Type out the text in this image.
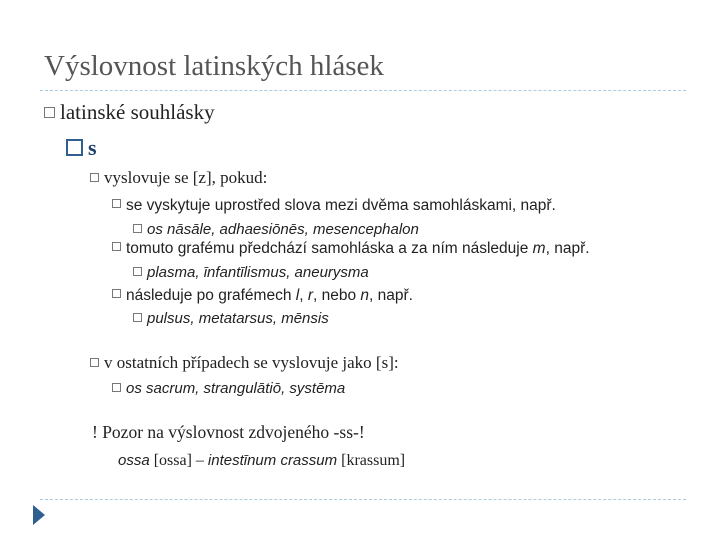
Výslovnost latinských hlásek
latinské souhlásky
s
vyslovuje se [z], pokud:
se vyskytuje uprostřed slova mezi dvěma samohláskami, např.
os nāsāle, adhaesiōnēs, mesencephalon
tomuto grafému předchází samohláska a za ním následuje m, např.
plasma, īnfantīlismus, aneurysma
následuje po grafémech l, r, nebo n, např.
pulsus, metatarsus, mēnsis
v ostatních případech se vyslovuje jako [s]:
os sacrum, strangulātiō, systēma
! Pozor na výslovnost zdvojeného -ss-!
ossa [ossa] – intestīnum crassum [krassum]
